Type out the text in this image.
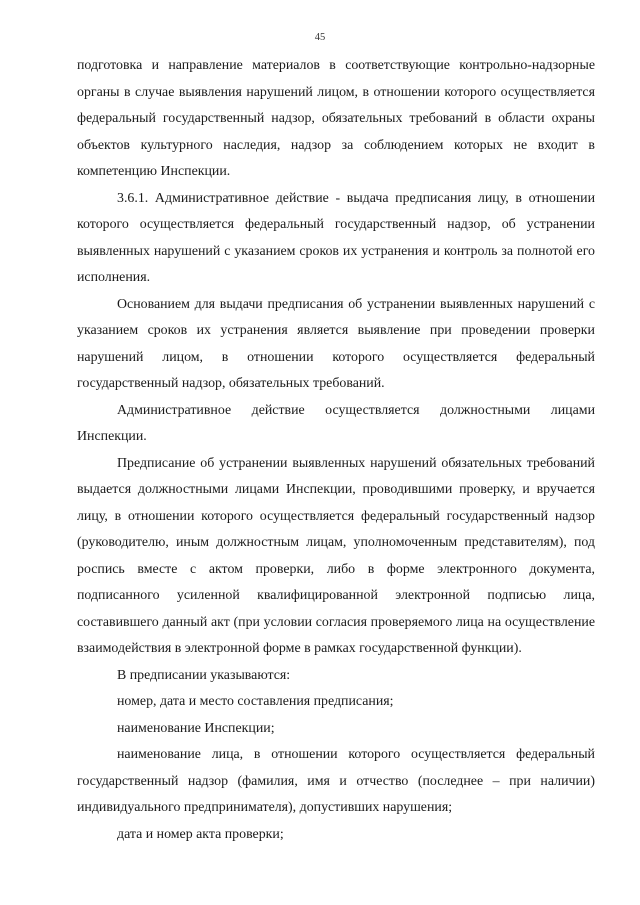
45

подготовка и направление материалов в соответствующие контрольно-надзорные органы в случае выявления нарушений лицом, в отношении которого осуществляется федеральный государственный надзор, обязательных требований в области охраны объектов культурного наследия, надзор за соблюдением которых не входит в компетенцию Инспекции.

3.6.1. Административное действие - выдача предписания лицу, в отношении которого осуществляется федеральный государственный надзор, об устранении выявленных нарушений с указанием сроков их устранения и контроль за полнотой его исполнения.

Основанием для выдачи предписания об устранении выявленных нарушений с указанием сроков их устранения является выявление при проведении проверки нарушений лицом, в отношении которого осуществляется федеральный государственный надзор, обязательных требований.

Административное действие осуществляется должностными лицами Инспекции.

Предписание об устранении выявленных нарушений обязательных требований выдается должностными лицами Инспекции, проводившими проверку, и вручается лицу, в отношении которого осуществляется федеральный государственный надзор (руководителю, иным должностным лицам, уполномоченным представителям), под роспись вместе с актом проверки, либо в форме электронного документа, подписанного усиленной квалифицированной электронной подписью лица, составившего данный акт (при условии согласия проверяемого лица на осуществление взаимодействия в электронной форме в рамках государственной функции).

В предписании указываются:

номер, дата и место составления предписания;

наименование Инспекции;

наименование лица, в отношении которого осуществляется федеральный государственный надзор (фамилия, имя и отчество (последнее – при наличии) индивидуального предпринимателя), допустивших нарушения;

дата и номер акта проверки;
